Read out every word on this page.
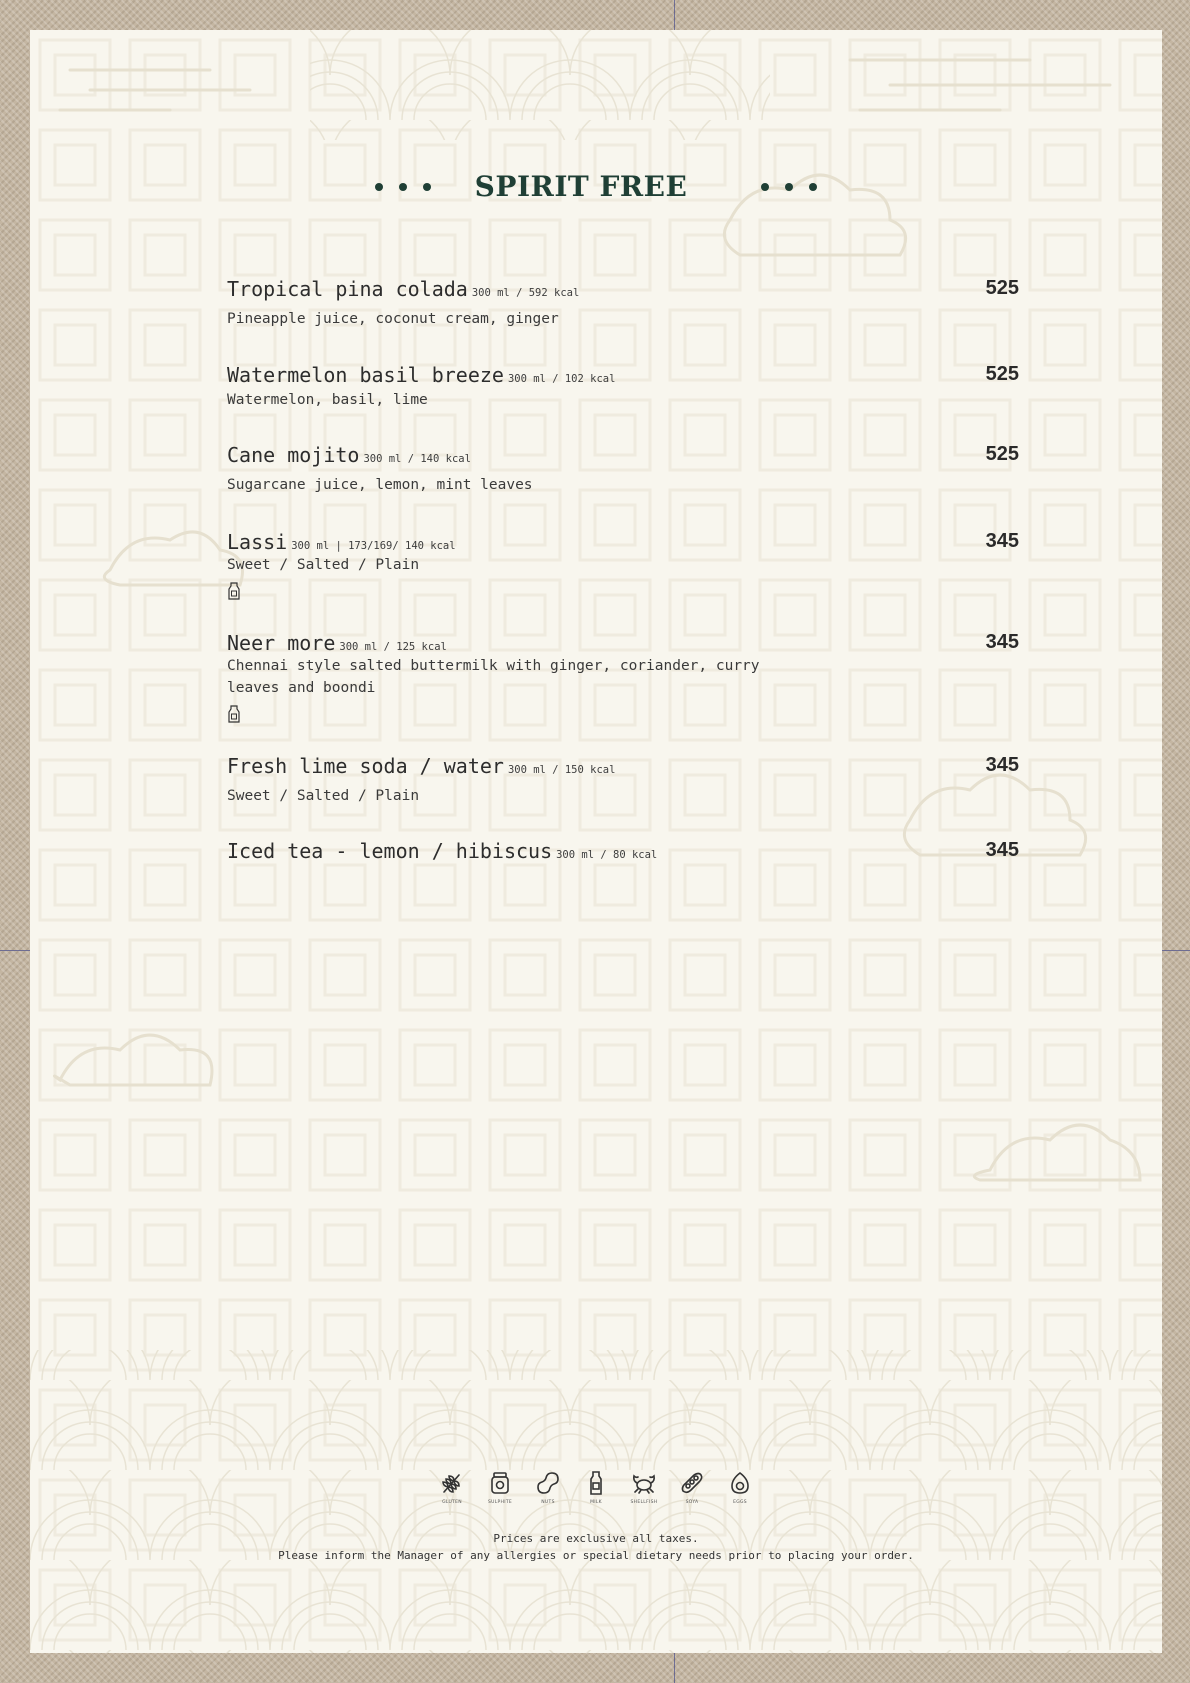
SPIRIT FREE
Tropical pina colada 300 ml / 592 kcal
Pineapple juice, coconut cream, ginger
525
Watermelon basil breeze 300 ml / 102 kcal
Watermelon, basil, lime
525
Cane mojito 300 ml / 140 kcal
Sugarcane juice, lemon, mint leaves
525
Lassi 300 ml | 173/169/ 140 kcal
Sweet / Salted / Plain
345
Neer more 300 ml / 125 kcal
Chennai style salted buttermilk with ginger, coriander, curry leaves and boondi
345
Fresh lime soda / water 300 ml / 150 kcal
Sweet / Salted / Plain
345
Iced tea - lemon / hibiscus 300 ml / 80 kcal	345
GLUTEN	SULPHITE	NUTS	MILK	SHELLFISH	SOYA	EGGS
Prices are exclusive all taxes.
Please inform the Manager of any allergies or special dietary needs prior to placing your order.
